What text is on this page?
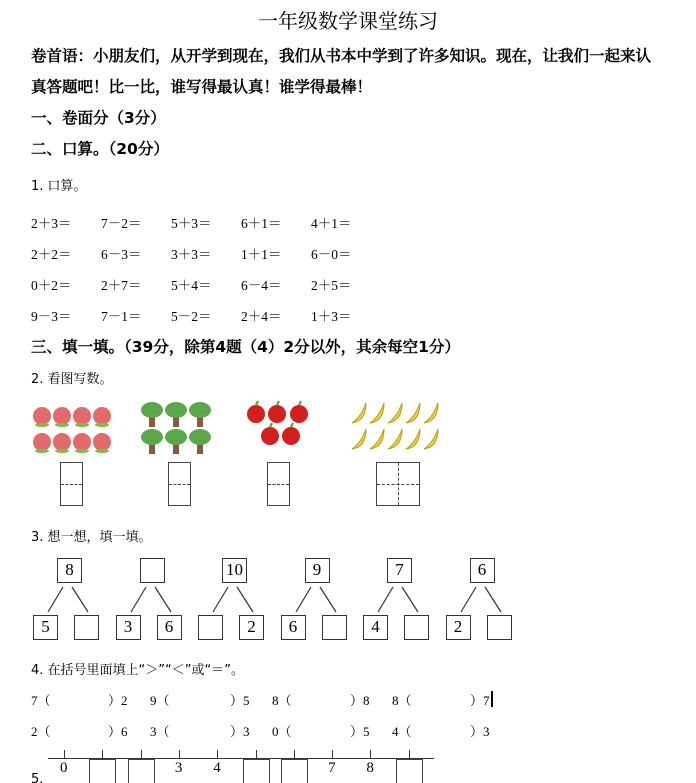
一年级数学课堂练习
卷首语：小朋友们，从开学到现在，我们从书本中学到了许多知识。现在，让我们一起来认
真答题吧！比一比，谁写得最认真！谁学得最棒！
一、卷面分（3分）
二、口算。（20分）
1. 口算。
三、填一填。（39分，除第4题（4）2分以外，其余每空1分）
2. 看图写数。
3. 想一想，填一填。
4. 在括号里面填上“＞”“＜”或“＝”。
5.
2＋3＝ 7－2＝ 5＋3＝ 6＋1＝ 4＋1＝
2＋2＝ 6－3＝ 3＋3＝ 1＋1＝ 6－0＝
0＋2＝ 2＋7＝ 5＋4＝ 6－4＝ 2＋5＝
9－3＝ 7－1＝ 5－2＝ 2＋4＝ 1＋3＝
8
5	3	6
10
2
9
6
7
4
6
2
7（	）2 9（	）5 8（	）8 8（	）7
2（	）6 3（	）3 0（	）5 4（	）3
0	3 4	7 8
